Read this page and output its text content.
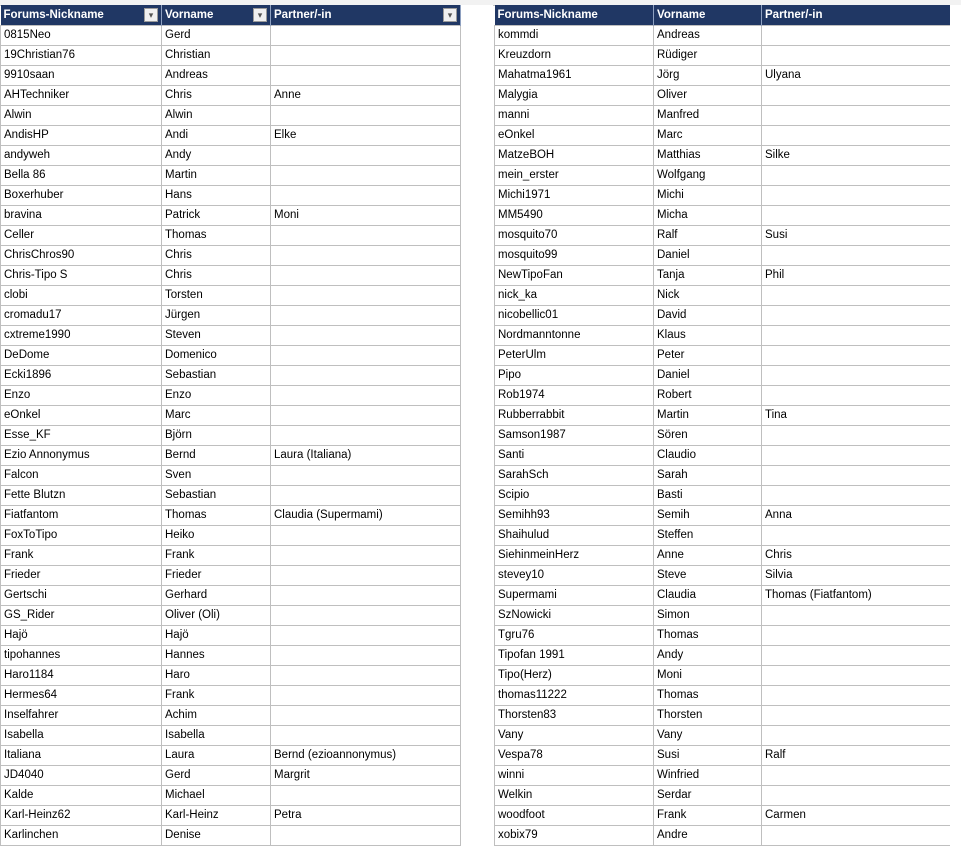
Forums-Nickname ▾	Vorname ▾	Partner/-in ▾

0815Neo	Gerd	
19Christian76	Christian	
9910saan	Andreas	
AHTechniker	Chris	Anne
Alwin	Alwin	
AndisHP	Andi	Elke
andyweh	Andy	
Bella 86	Martin	
Boxerhuber	Hans	
bravina	Patrick	Moni
Celler	Thomas	
ChrisChros90	Chris	
Chris-Tipo S	Chris	
clobi	Torsten	
cromadu17	Jürgen	
cxtreme1990	Steven	
DeDome	Domenico	
Ecki1896	Sebastian	
Enzo	Enzo	
eOnkel	Marc	
Esse_KF	Björn	
Ezio Annonymus	Bernd	Laura (Italiana)
Falcon	Sven	
Fette Blutzn	Sebastian	
Fiatfantom	Thomas	Claudia (Supermami)
FoxToTipo	Heiko	
Frank	Frank	
Frieder	Frieder	
Gertschi	Gerhard	
GS_Rider	Oliver (Oli)	
Hajö	Hajö	
tipohannes	Hannes	
Haro1184	Haro	
Hermes64	Frank	
Inselfahrer	Achim	
Isabella	Isabella	
Italiana	Laura	Bernd (ezioannonymus)
JD4040	Gerd	Margrit
Kalde	Michael	
Karl-Heinz62	Karl-Heinz	Petra
Karlinchen	Denise	
Forums-Nickname	Vorname	Partner/-in
kommdi	Andreas	
Kreuzdorn	Rüdiger	
Mahatma1961	Jörg	Ulyana
Malygia	Oliver	
manni	Manfred	
eOnkel	Marc	
MatzeBOH	Matthias	Silke
mein_erster	Wolfgang	
Michi1971	Michi	
MM5490	Micha	
mosquito70	Ralf	Susi
mosquito99	Daniel	
NewTipoFan	Tanja	Phil
nick_ka	Nick	
nicobellic01	David	
Nordmanntonne	Klaus	
PeterUlm	Peter	
Pipo	Daniel	
Rob1974	Robert	
Rubberrabbit	Martin	Tina
Samson1987	Sören	
Santi	Claudio	
SarahSch	Sarah	
Scipio	Basti	
Semihh93	Semih	Anna
Shaihulud	Steffen	
SiehinmeinHerz	Anne	Chris
stevey10	Steve	Silvia
Supermami	Claudia	Thomas (Fiatfantom)
SzNowicki	Simon	
Tgru76	Thomas	
Tipofan 1991	Andy	
Tipo(Herz)	Moni	
thomas11222	Thomas	
Thorsten83	Thorsten	
Vany	Vany	
Vespa78	Susi	Ralf
winni	Winfried	
Welkin	Serdar	
woodfoot	Frank	Carmen
xobix79	Andre	
